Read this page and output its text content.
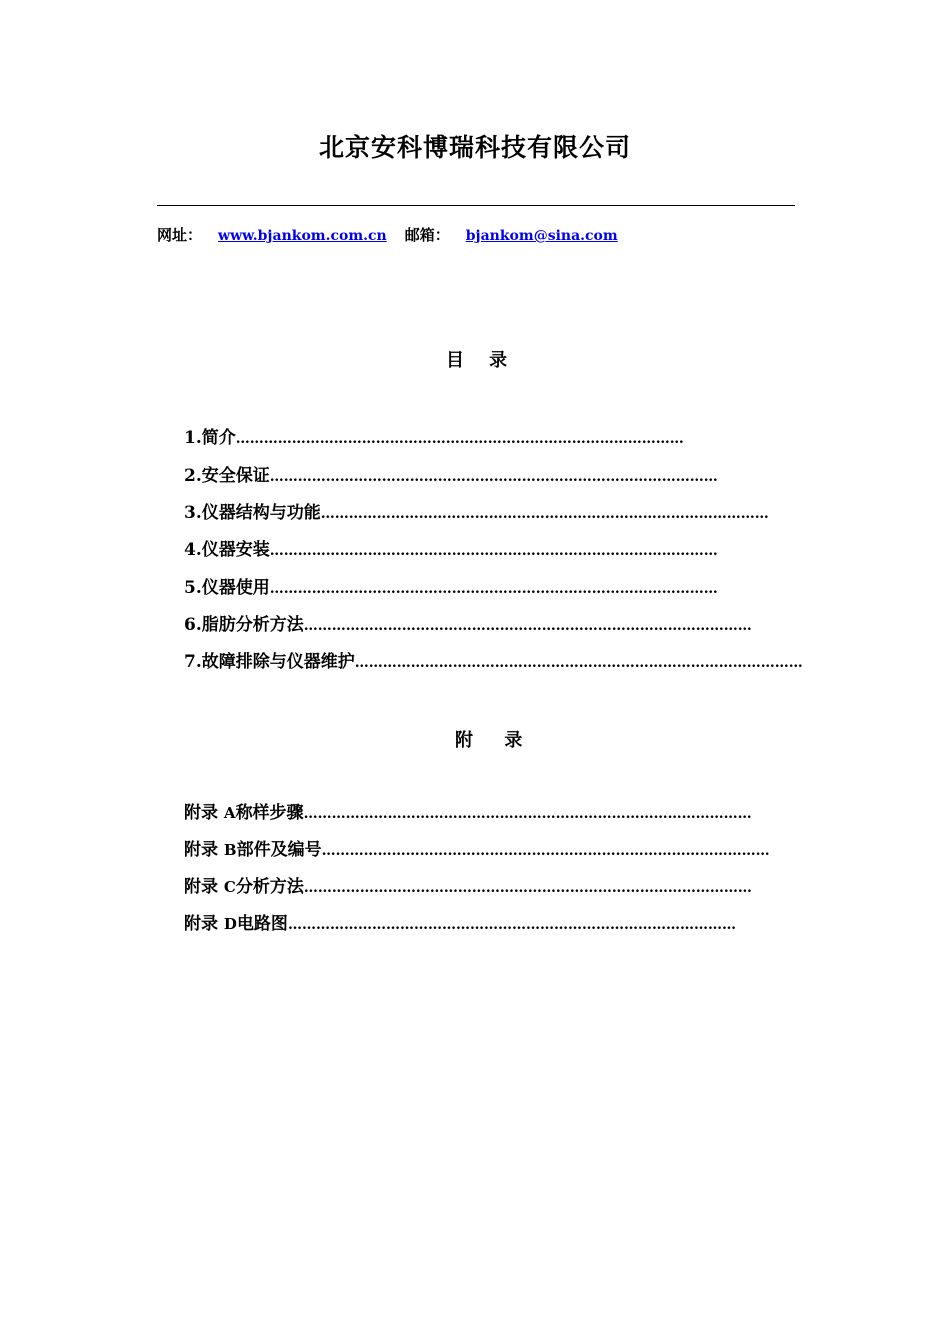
北京安科博瑞科技有限公司
网址： www.bjankom.com.cn 邮箱： bjankom@sina.com
目    录
1. 简介 ……………………………………………………………………………………
2. 安全保证 ……………………………………………………………………………………
3. 仪器结构与功能 ……………………………………………………………………………………
4. 仪器安装 ……………………………………………………………………………………
5. 仪器使用 ……………………………………………………………………………………
6. 脂肪分析方法 ……………………………………………………………………………………
7. 故障排除与仪器维护 ……………………………………………………………………………………
附     录
附录 A 称样步骤 ……………………………………………………………………………………
附录 B 部件及编号 ……………………………………………………………………………………
附录 C 分析方法 ……………………………………………………………………………………
附录 D 电路图 ……………………………………………………………………………………
